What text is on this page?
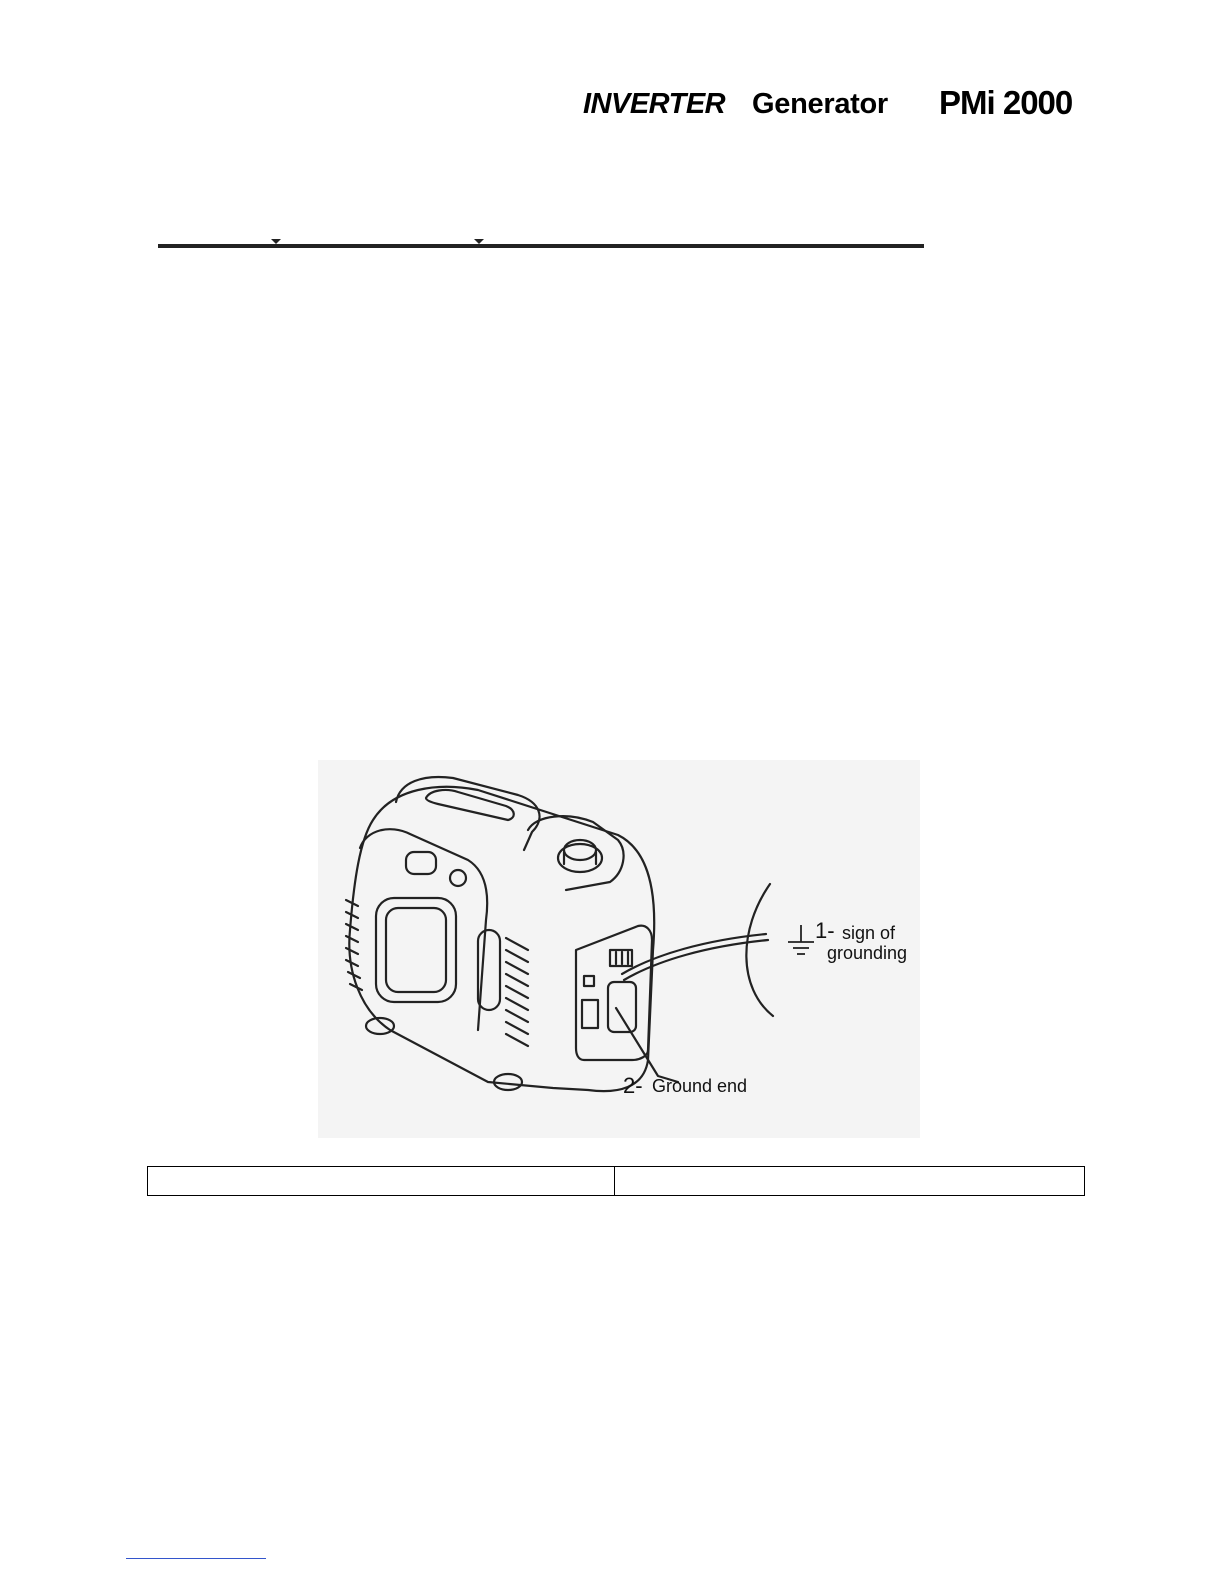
INVERTER Generator PMi 2000
1- sign of
grounding
2- Ground end
